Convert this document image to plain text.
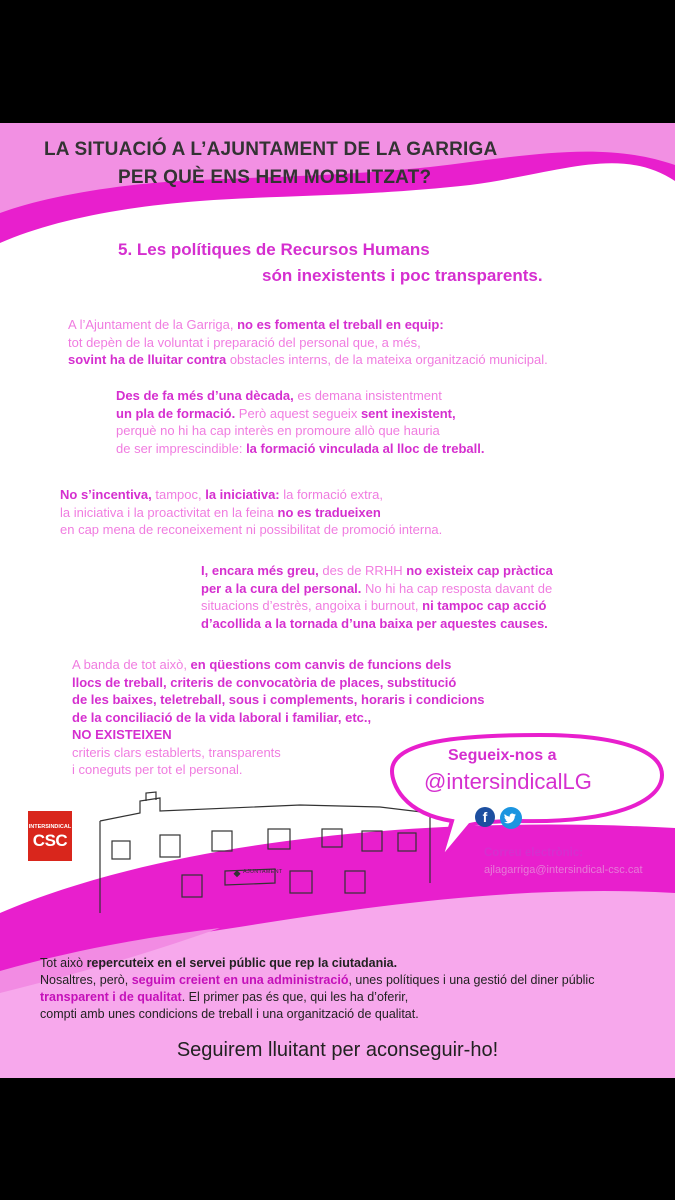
LA SITUACIÓ A L’AJUNTAMENT DE LA GARRIGA
PER QUÈ ENS HEM MOBILITZAT?
5. Les polítiques de Recursos Humans
són inexistents i poc transparents.
A l’Ajuntament de la Garriga, no es fomenta el treball en equip:
tot depèn de la voluntat i preparació del personal que, a més,
sovint ha de lluitar contra obstacles interns, de la mateixa organització municipal.
Des de fa més d’una dècada, es demana insistentment
un pla de formació. Però aquest segueix sent inexistent,
perquè no hi ha cap interès en promoure allò que hauria
de ser imprescindible: la formació vinculada al lloc de treball.
No s’incentiva, tampoc, la iniciativa: la formació extra,
la iniciativa i la proactivitat en la feina no es tradueixen
en cap mena de reconeixement ni possibilitat de promoció interna.
I, encara més greu, des de RRHH no existeix cap pràctica
per a la cura del personal. No hi ha cap resposta davant de
situacions d’estrès, angoixa i burnout, ni tampoc cap acció
d’acollida a la tornada d’una baixa per aquestes causes.
A banda de tot això, en qüestions com canvis de funcions dels
llocs de treball, criteris de convocatòria de places, substitució
de les baixes, teletreball, sous i complements, horaris i condicions
de la conciliació de la vida laboral i familiar, etc.,
NO EXISTEIXEN
criteris clars establerts, transparents
i coneguts per tot el personal.
Segueix-nos a
@intersindicalLG
f
Correu electrònic:
ajlagarriga@intersindical-csc.cat
INTERSINDICAL
CSC
AJUNTAMENT
Tot això repercuteix en el servei públic que rep la ciutadania.
Nosaltres, però, seguim creient en una administració, unes polítiques i una gestió del diner públic
transparent i de qualitat. El primer pas és que, qui les ha d’oferir,
compti amb unes condicions de treball i una organització de qualitat.
Seguirem lluitant per aconseguir-ho!
